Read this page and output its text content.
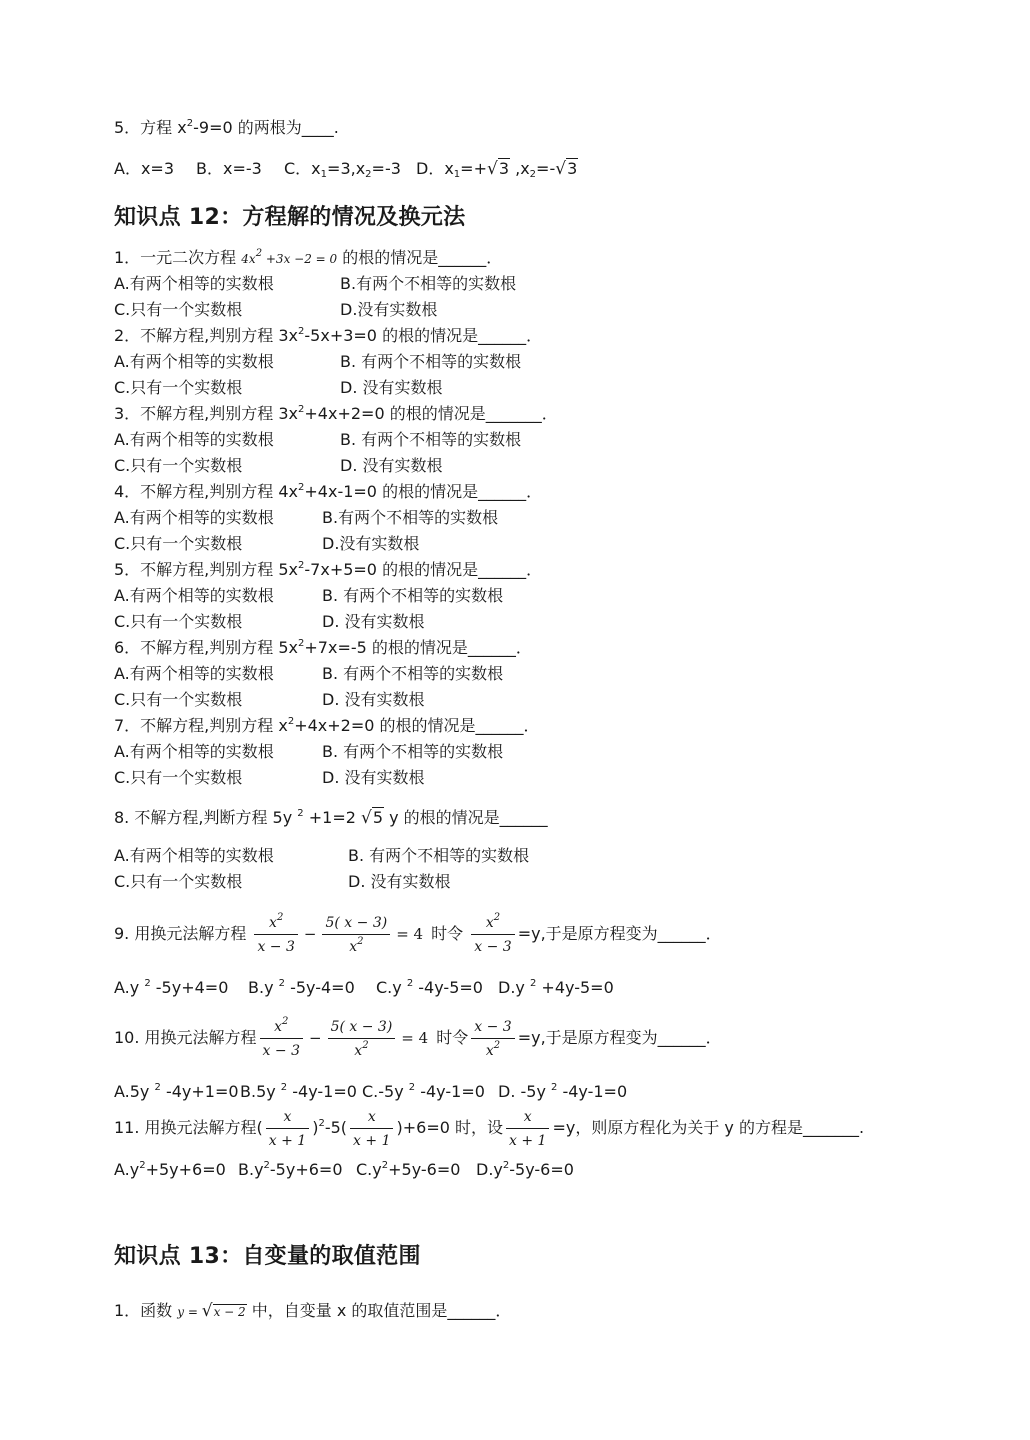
5．方程 $x^2-9=0$ 的两根为____.
A．x=3 B．x=-3 C．$x_1=3,x_2=-3$ D．$x_1=+√3$ $,x_2=-√3$
知识点 12：方程解的情况及换元法
1．一元二次方程 $4x^2 +3x -2 = 0$ 的根的情况是______．
A.有两个相等的实数根	B.有两个不相等的实数根
C.只有一个实数根	D.没有实数根
2．不解方程,判别方程 $3x^2-5x+3=0$ 的根的情况是______．
A.有两个相等的实数根	B. 有两个不相等的实数根
C.只有一个实数根	D. 没有实数根
3．不解方程,判别方程 $3x^2+4x+2=0$ 的根的情况是_______．
A.有两个相等的实数根	B. 有两个不相等的实数根
C.只有一个实数根	D. 没有实数根
4．不解方程,判别方程 $4x^2+4x-1=0$ 的根的情况是______．
A.有两个相等的实数根	B.有两个不相等的实数根
C.只有一个实数根	D.没有实数根
5．不解方程,判别方程 $5x^2-7x+5=0$ 的根的情况是______．
A.有两个相等的实数根	B. 有两个不相等的实数根
C.只有一个实数根	D. 没有实数根
6．不解方程,判别方程 $5x^2+7x=-5$ 的根的情况是______．
A.有两个相等的实数根	B. 有两个不相等的实数根
C.只有一个实数根	D. 没有实数根
7．不解方程,判别方程 $x^2+4x+2=0$ 的根的情况是______．
A.有两个相等的实数根	B. 有两个不相等的实数根
C.只有一个实数根	D. 没有实数根
8. 不解方程,判断方程 5y $^2$ +1=2 √5 y 的根的情况是______
A.有两个相等的实数根	B. 有两个不相等的实数根
C.只有一个实数根	D. 没有实数根
9. 用换元法解方程 $\frac{x^2}{x - 3} - \frac{5( x - 3)}{x^2} = 4$ 时令 $\frac{x^2}{x - 3} =y$,于是原方程变为______．
A.y $^2$ -5y+4=0 B.y $^2$ -5y-4=0 C.y $^2$ -4y-5=0 D.y $^2$ +4y-5=0
10. 用换元法解方程 $\frac{x^2}{x - 3} - \frac{5( x - 3)}{x^2} = 4$ 时令 $\frac{x - 3}{x^2} =y$,于是原方程变为______．
A.5y $^2$ -4y+1=0B.5y $^2$ -4y-1=0 C.-5y $^2$ -4y-1=0 D. -5y $^2$ -4y-1=0
11. 用换元法解方程( $\frac{x}{x + 1} )^2-5( \frac{x}{x + 1} )+6=0$ 时，设 $\frac{x}{x + 1} =y$，则原方程化为关于 y 的方程是_______.
$A.y^2+5y+6=0$ $B.y^2-5y+6=0$ $C.y^2+5y-6=0$ $D.y^2-5y-6=0$
知识点 13：自变量的取值范围
1．函数 y = √x − 2 中，自变量 x 的取值范围是______．
